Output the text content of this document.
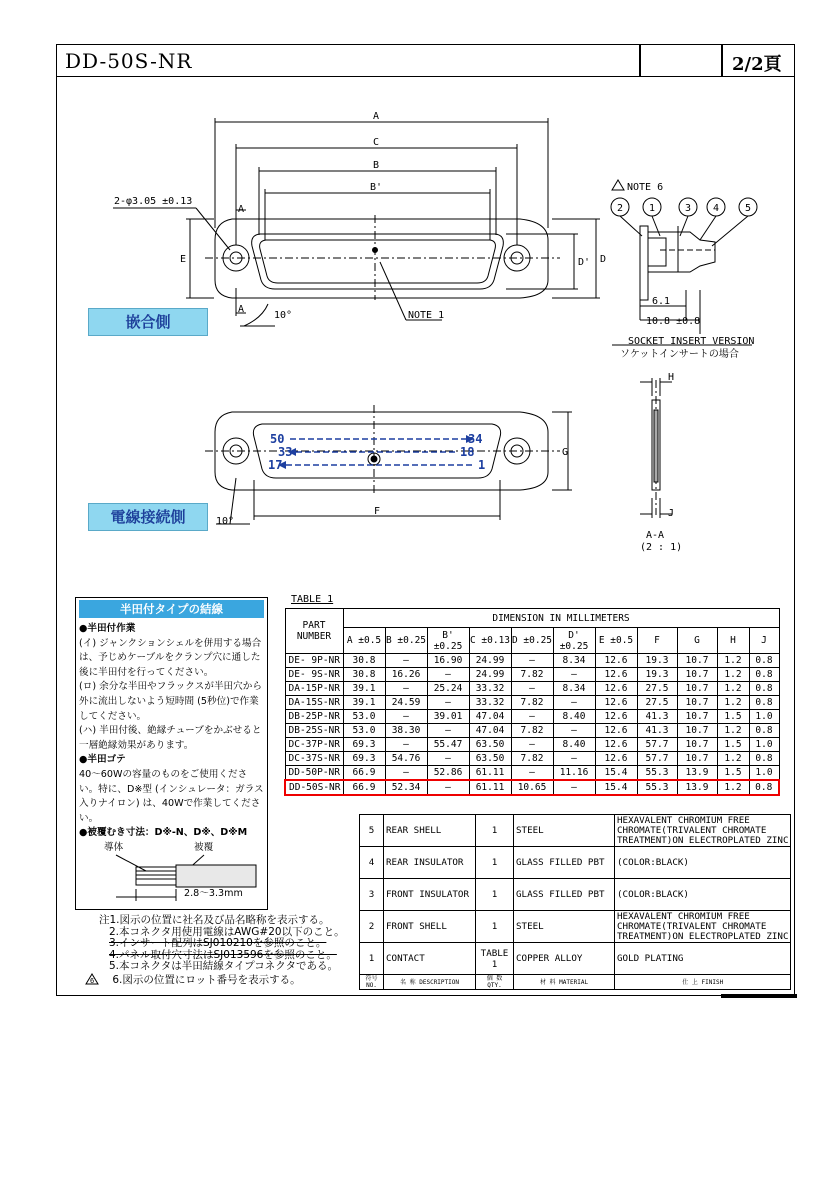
DD-50S-NR	2/2頁
50	34
33	18
17	1
A
C
B
B'
E	D' D
2-φ3.05 ±0.13
A
A
10°	NOTE 1
NOTE 6
2	1	3 4	5
6.1
10.8 ±0.8
SOCKET INSERT VERSION
ソケットインサートの場合
G
F
10°
H
J
A-A
(2 : 1)
嵌合側
電線接続側
半田付タイプの結線
●半田付作業
(イ) ジャンクションシェルを併用する場合は、予じめケーブルをクランプ穴に通した後に半田付を行ってください。
(ロ) 余分な半田やフラックスが半田穴から外に流出しないよう短時間 (5秒位)で作業してください。
(ハ) 半田付後、絶縁チューブをかぶせると一層絶縁効果があります。
●半田ゴテ
40～60Wの容量のものをご使用ください。特に、D※型 (インシュレータ：ガラス入りナイロン) は、40Wで作業してください。
●被覆むき寸法：D※-N、D※、D※M
導体	被覆
2.8～3.3mm
TABLE 1
PART NUMBER	DIMENSION IN MILLIMETERS										
	A ±0.5	B ±0.25	B' ±0.25	C ±0.13	D ±0.25	D' ±0.25	E ±0.5	F	G	H	J
DE- 9P-NR	30.8	—	16.90	24.99	—	8.34	12.6	19.3	10.7	1.2	0.8
DE- 9S-NR	30.8	16.26	—	24.99	7.82	—	12.6	19.3	10.7	1.2	0.8
DA-15P-NR	39.1	—	25.24	33.32	—	8.34	12.6	27.5	10.7	1.2	0.8
DA-15S-NR	39.1	24.59	—	33.32	7.82	—	12.6	27.5	10.7	1.2	0.8
DB-25P-NR	53.0	—	39.01	47.04	—	8.40	12.6	41.3	10.7	1.5	1.0
DB-25S-NR	53.0	38.30	—	47.04	7.82	—	12.6	41.3	10.7	1.2	0.8
DC-37P-NR	69.3	—	55.47	63.50	—	8.40	12.6	57.7	10.7	1.5	1.0
DC-37S-NR	69.3	54.76	—	63.50	7.82	—	12.6	57.7	10.7	1.2	0.8
DD-50P-NR	66.9	—	52.86	61.11	—	11.16	15.4	55.3	13.9	1.5	1.0
DD-50S-NR	66.9	52.34	—	61.11	10.65	—	15.4	55.3	13.9	1.2	0.8
5	REAR SHELL	1	STEEL	HEXAVALENT CHROMIUM FREE
CHROMATE(TRIVALENT CHROMATE
TREATMENT)ON ELECTROPLATED ZINC

4	REAR INSULATOR	1	GLASS FILLED PBT	(COLOR:BLACK)

3	FRONT INSULATOR	1	GLASS FILLED PBT	(COLOR:BLACK)

2	FRONT SHELL	1	STEEL	HEXAVALENT CHROMIUM FREE
CHROMATE(TRIVALENT CHROMATE
TREATMENT)ON ELECTROPLATED ZINC

1	CONTACT	TABLE 1	COPPER ALLOY	GOLD PLATING

符号 NO.	名 称 DESCRIPTION	個 数 QTY.	材 料 MATERIAL	仕 上 FINISH
注1.図示の位置に社名及び品名略称を表示する。
2.本コネクタ用使用電線はAWG#20以下のこと。
3.インサート配列はSJ010210を参照のこと。
4.パネル取付穴寸法はSJ013596を参照のこと。
5.本コネクタは半田結線タイプコネクタである。
6 6.図示の位置にロット番号を表示する。
